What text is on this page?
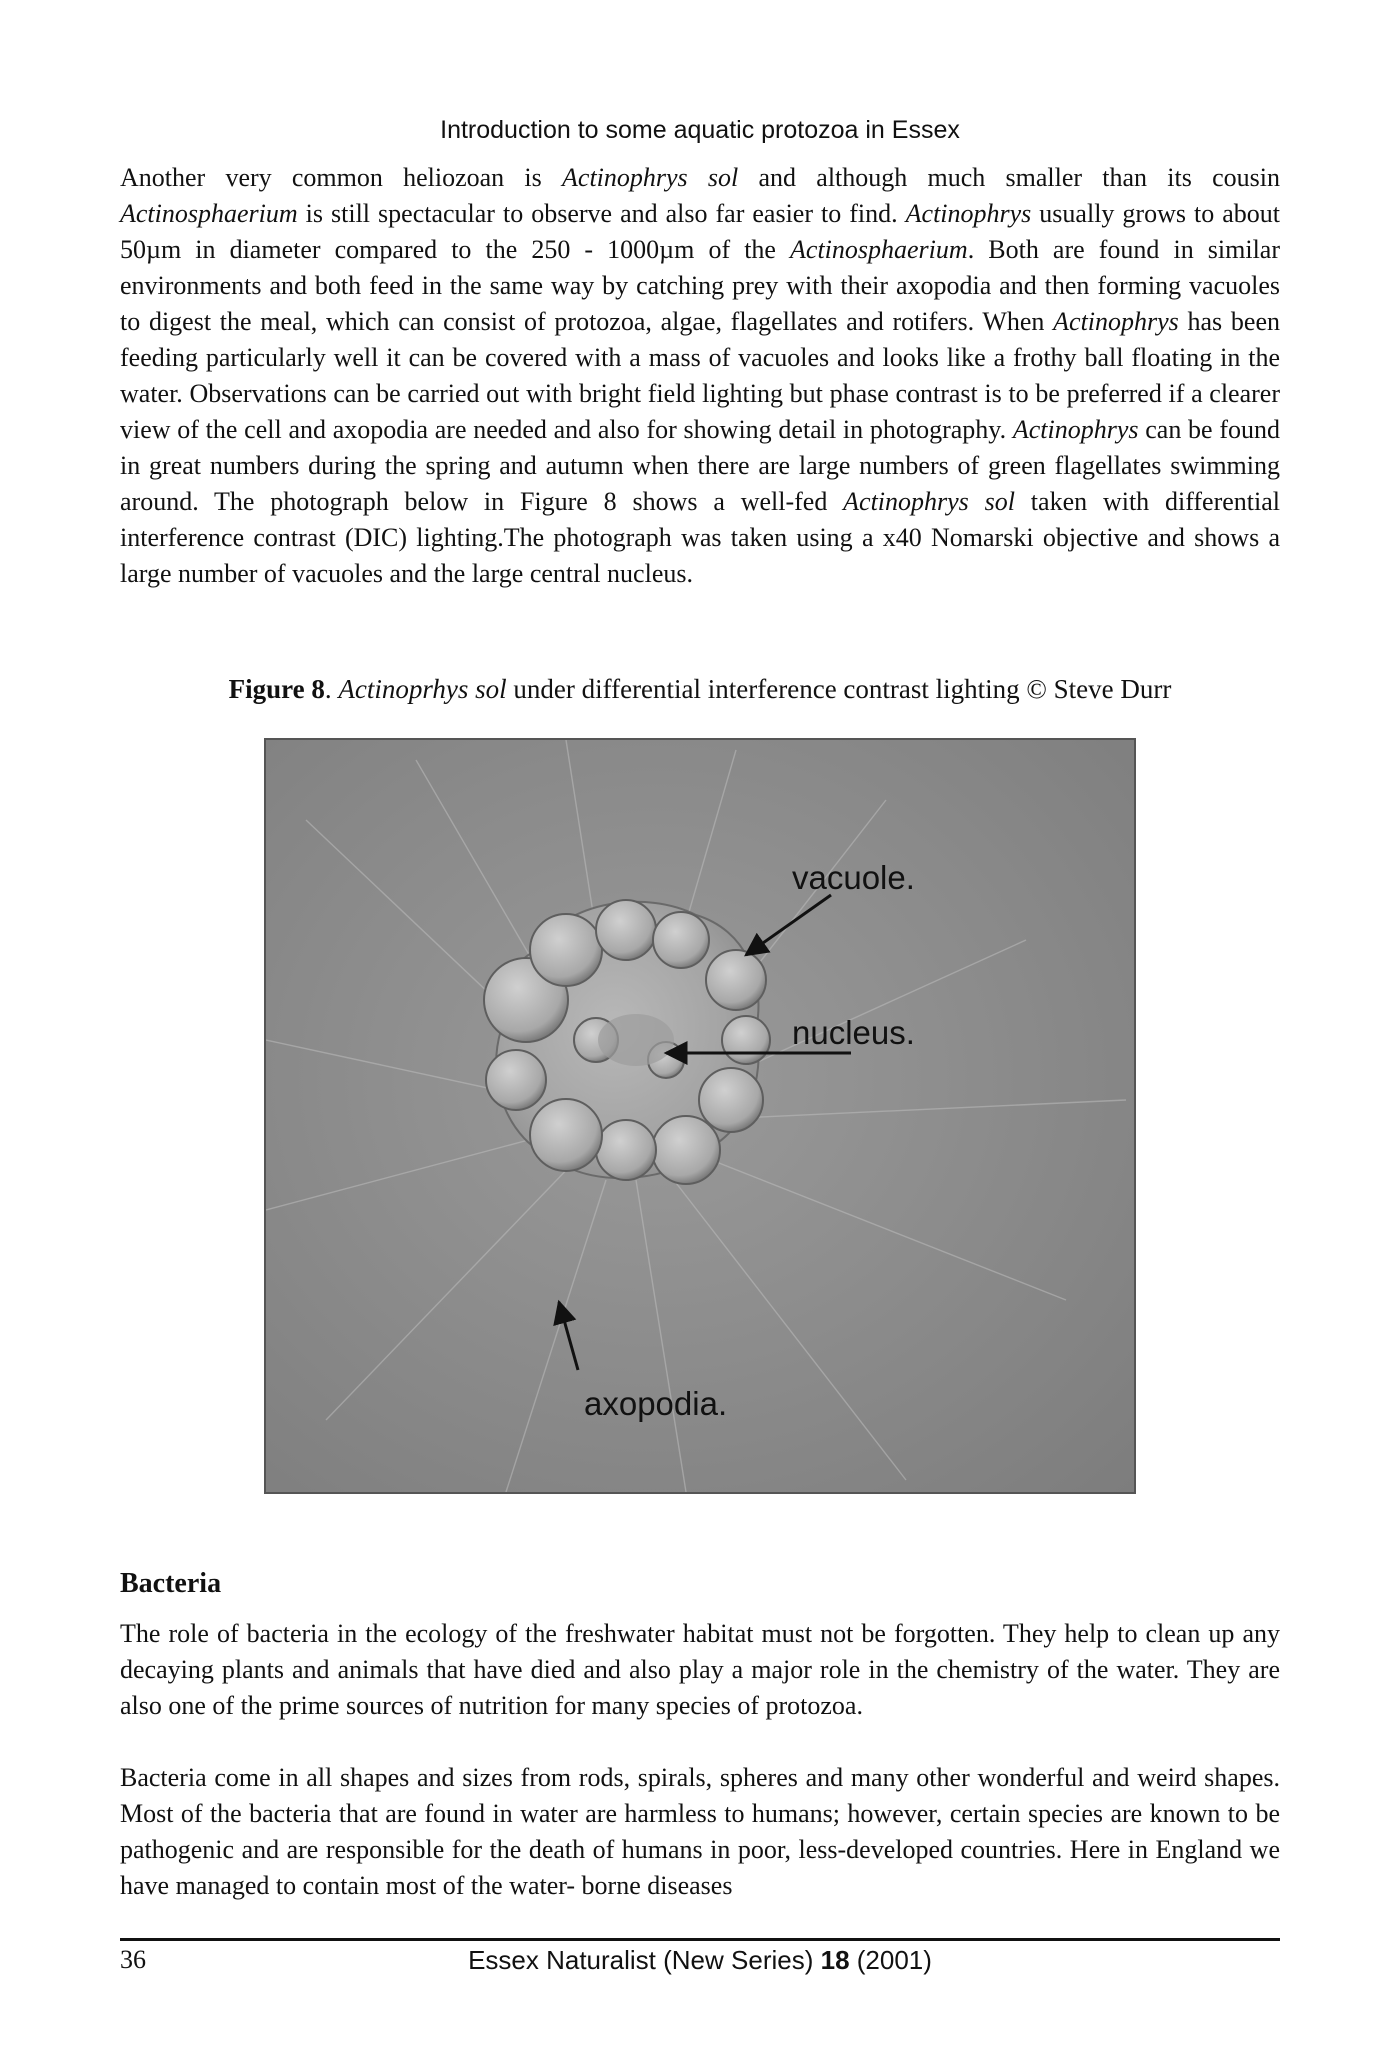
Introduction to some aquatic protozoa in Essex

Another very common heliozoan is Actinophrys sol and although much smaller than its cousin Actinosphaerium is still spectacular to observe and also far easier to find. Actinophrys usually grows to about 50µm in diameter compared to the 250 - 1000µm of the Actinosphaerium. Both are found in similar environments and both feed in the same way by catching prey with their axopodia and then forming vacuoles to digest the meal, which can consist of protozoa, algae, flagellates and rotifers. When Actinophrys has been feeding particularly well it can be covered with a mass of vacuoles and looks like a frothy ball floating in the water. Observations can be carried out with bright field lighting but phase contrast is to be preferred if a clearer view of the cell and axopodia are needed and also for showing detail in photography. Actinophrys can be found in great numbers during the spring and autumn when there are large numbers of green flagellates swimming around. The photograph below in Figure 8 shows a well-fed Actinophrys sol taken with differential interference contrast (DIC) lighting.The photograph was taken using a x40 Nomarski objective and shows a large number of vacuoles and the large central nucleus.

Figure 8. Actinoprhys sol under differential interference contrast lighting © Steve Durr
vacuole.
nucleus.
axopodia.
Bacteria

The role of bacteria in the ecology of the freshwater habitat must not be forgotten. They help to clean up any decaying plants and animals that have died and also play a major role in the chemistry of the water. They are also one of the prime sources of nutrition for many species of protozoa.

Bacteria come in all shapes and sizes from rods, spirals, spheres and many other wonderful and weird shapes. Most of the bacteria that are found in water are harmless to humans; however, certain species are known to be pathogenic and are responsible for the death of humans in poor, less-developed countries. Here in England we have managed to contain most of the water- borne diseases

36	Essex Naturalist (New Series) 18 (2001)
